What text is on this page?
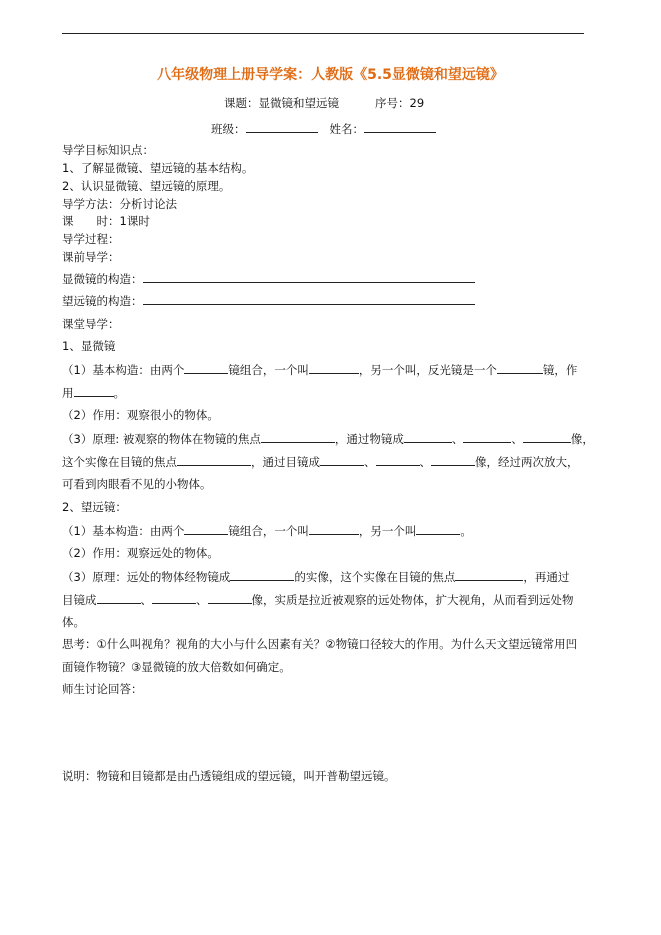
八年级物理上册导学案：人教版《5.5显微镜和望远镜》
课题：显微镜和望远镜	序号：29
班级：	姓名：
导学目标知识点：
1、了解显微镜、望远镜的基本结构。
2、认识显微镜、望远镜的原理。
导学方法：分析讨论法
课　　时：1课时
导学过程：
课前导学：
显微镜的构造：
望远镜的构造：
课堂导学：
1、显微镜
（1）基本构造：由两个	镜组合，一个叫	，另一个叫，反光镜是一个	镜，作
用	。
（2）作用：观察很小的物体。
（3）原理: 被观察的物体在物镜的焦点	，通过物镜成	、	、	像，
这个实像在目镜的焦点	，通过目镜成	、	、	像，经过两次放大，
可看到肉眼看不见的小物体。
2、望远镜：
（1）基本构造：由两个	镜组合，一个叫	，另一个叫	。
（2）作用：观察远处的物体。
（3）原理：远处的物体经物镜成	的实像，这个实像在目镜的焦点	，再通过
目镜成	、	、	像，实质是拉近被观察的远处物体，扩大视角，从而看到远处物
体。
思考：①什么叫视角？视角的大小与什么因素有关？②物镜口径较大的作用。为什么天文望远镜常用凹
面镜作物镜？③显微镜的放大倍数如何确定。
师生讨论回答：
说明：物镜和目镜都是由凸透镜组成的望远镜，叫开普勒望远镜。
